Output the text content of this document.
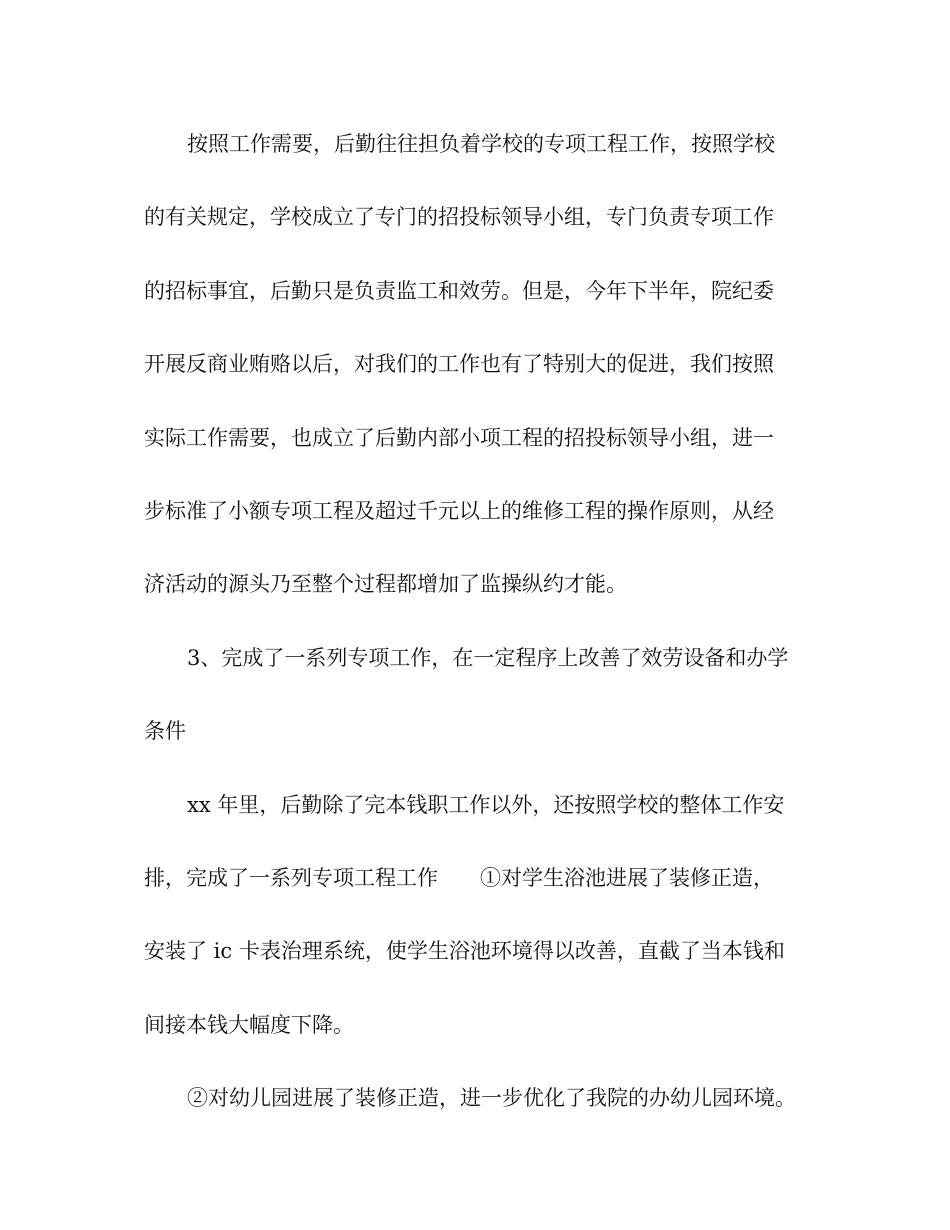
按照工作需要，后勤往往担负着学校的专项工程工作，按照学校
的有关规定，学校成立了专门的招投标领导小组，专门负责专项工作
的招标事宜，后勤只是负责监工和效劳。但是，今年下半年，院纪委
开展反商业贿赂以后，对我们的工作也有了特别大的促进，我们按照
实际工作需要，也成立了后勤内部小项工程的招投标领导小组，进一
步标准了小额专项工程及超过千元以上的维修工程的操作原则，从经
济活动的源头乃至整个过程都增加了监操纵约才能。
3、完成了一系列专项工作，在一定程序上改善了效劳设备和办学
条件
xx 年里，后勤除了完本钱职工作以外，还按照学校的整体工作安
排，完成了一系列专项工程工作　　①对学生浴池进展了装修正造，
安装了 ic 卡表治理系统，使学生浴池环境得以改善，直截了当本钱和
间接本钱大幅度下降。
②对幼儿园进展了装修正造，进一步优化了我院的办幼儿园环境。
